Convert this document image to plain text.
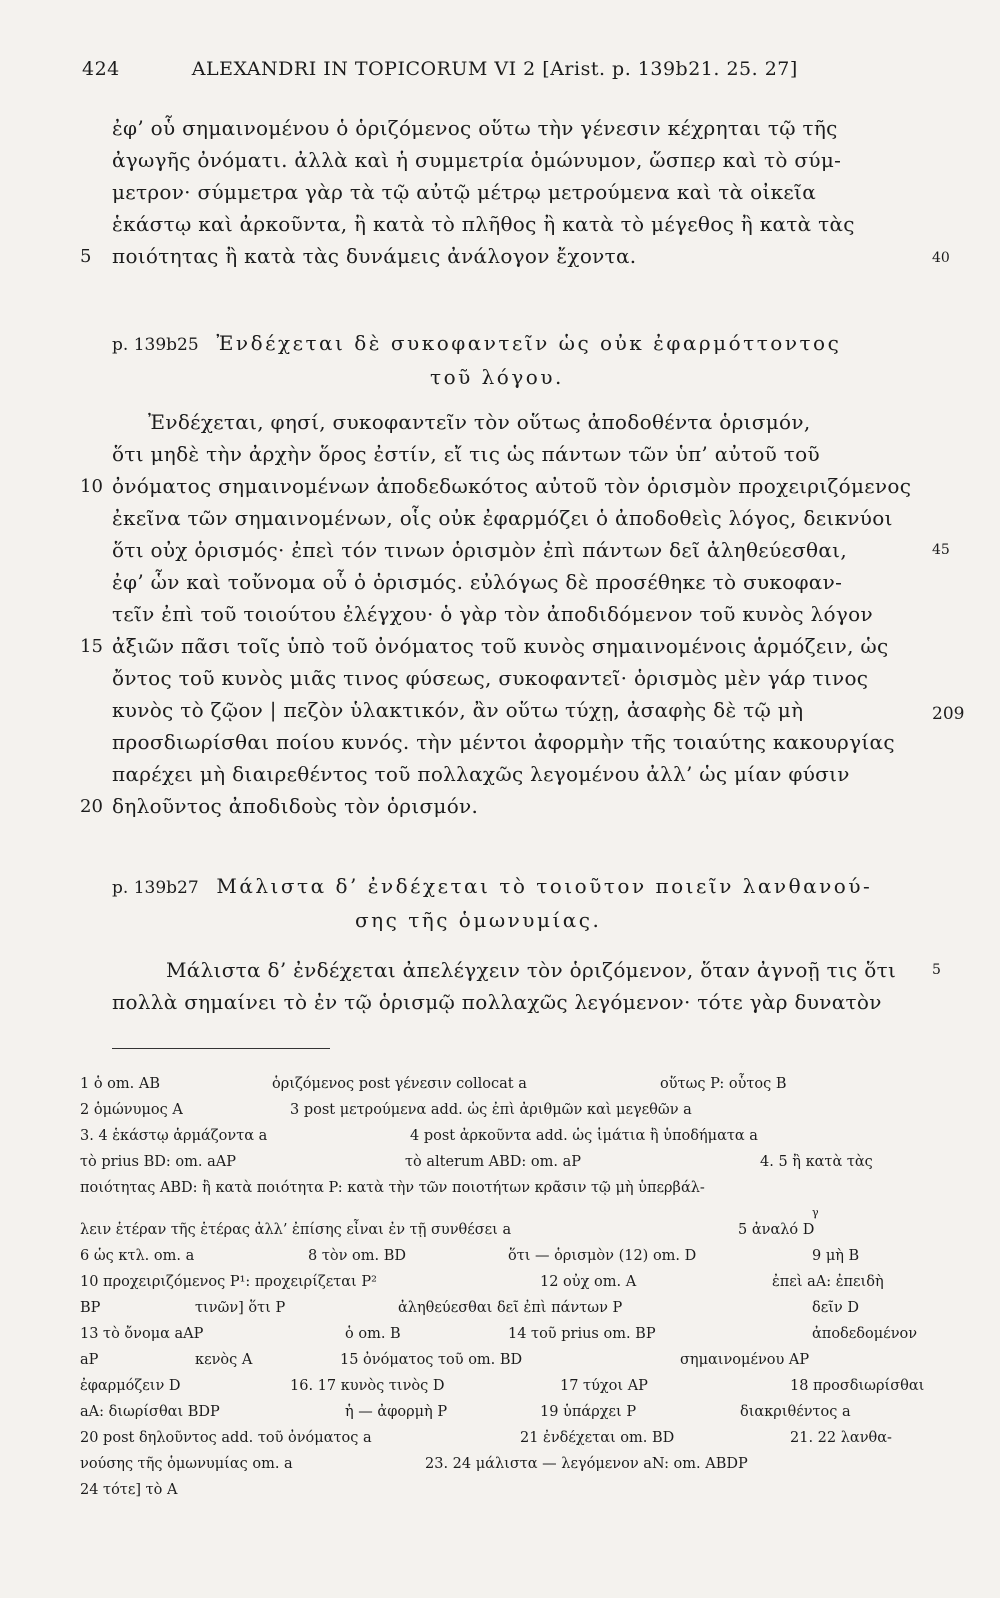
424	ALEXANDRI IN TOPICORUM VI 2 [Arist. p. 139b21. 25. 27]
ἐφ’ οὗ σημαινομένου ὁ ὁριζόμενος οὕτω τὴν γένεσιν κέχρηται τῷ τῆς
ἀγωγῆς ὀνόματι. ἀλλὰ καὶ ἡ συμμετρία ὁμώνυμον, ὥσπερ καὶ τὸ σύμ-
μετρον· σύμμετρα γὰρ τὰ τῷ αὐτῷ μέτρῳ μετρούμενα καὶ τὰ οἰκεῖα
ἑκάστῳ καὶ ἀρκοῦντα, ἢ κατὰ τὸ πλῆθος ἢ κατὰ τὸ μέγεθος ἢ κατὰ τὰς
ποιότητας ἢ κατὰ τὰς δυνάμεις ἀνάλογον ἔχοντα.
5	40
p. 139b25 Ἐνδέχεται δὲ συκοφαντεῖν ὡς οὐκ ἐφαρμόττοντος
τοῦ λόγου.
Ἐνδέχεται, φησί, συκοφαντεῖν τὸν οὕτως ἀποδοθέντα ὁρισμόν,
ὅτι μηδὲ τὴν ἀρχὴν ὅρος ἐστίν, εἴ τις ὡς πάντων τῶν ὑπ’ αὐτοῦ τοῦ
ὀνόματος σημαινομένων ἀποδεδωκότος αὐτοῦ τὸν ὁρισμὸν προχειριζόμενος
10
ἐκεῖνα τῶν σημαινομένων, οἷς οὐκ ἐφαρμόζει ὁ ἀποδοθεὶς λόγος, δεικνύοι
ὅτι οὐχ ὁρισμός· ἐπεὶ τόν τινων ὁρισμὸν ἐπὶ πάντων δεῖ ἀληθεύεσθαι,	45
ἐφ’ ὧν καὶ τοὔνομα οὗ ὁ ὁρισμός. εὐλόγως δὲ προσέθηκε τὸ συκοφαν-
τεῖν ἐπὶ τοῦ τοιούτου ἐλέγχου· ὁ γὰρ τὸν ἀποδιδόμενον τοῦ κυνὸς λόγον
ἀξιῶν πᾶσι τοῖς ὑπὸ τοῦ ὀνόματος τοῦ κυνὸς σημαινομένοις ἁρμόζειν, ὡς
15
ὄντος τοῦ κυνὸς μιᾶς τινος φύσεως, συκοφαντεῖ· ὁρισμὸς μὲν γάρ τινος
κυνὸς τὸ ζῷον | πεζὸν ὑλακτικόν, ἂν οὕτω τύχῃ, ἀσαφὴς δὲ τῷ μὴ	209
προσδιωρίσθαι ποίου κυνός. τὴν μέντοι ἀφορμὴν τῆς τοιαύτης κακουργίας
παρέχει μὴ διαιρεθέντος τοῦ πολλαχῶς λεγομένου ἀλλ’ ὡς μίαν φύσιν
δηλοῦντος ἀποδιδοὺς τὸν ὁρισμόν.
20
p. 139b27 Μάλιστα δ’ ἐνδέχεται τὸ τοιοῦτον ποιεῖν λανθανού-
σης τῆς ὁμωνυμίας.
Μάλιστα δ’ ἐνδέχεται ἀπελέγχειν τὸν ὁριζόμενον, ὅταν ἀγνοῇ τις ὅτι	5
πολλὰ σημαίνει τὸ ἐν τῷ ὁρισμῷ πολλαχῶς λεγόμενον· τότε γὰρ δυνατὸν
1 ὁ om. AB	ὁριζόμενος post γένεσιν collocat a	οὕτως P: οὗτος B
2 ὁμώνυμος A	3 post μετρούμενα add. ὡς ἐπὶ ἀριθμῶν καὶ μεγεθῶν a
3. 4 ἑκάστῳ ἁρμάζοντα a	4 post ἀρκοῦντα add. ὡς ἱμάτια ἢ ὑποδήματα a
τὸ prius BD: om. aAP	τὸ alterum ABD: om. aP	4. 5 ἢ κατὰ τὰς
ποιότητας ABD: ἢ κατὰ ποιότητα P: κατὰ τὴν τῶν ποιοτήτων κρᾶσιν τῷ μὴ ὑπερβάλ-
λειν ἑτέραν τῆς ἑτέρας ἀλλ’ ἐπίσης εἶναι ἐν τῇ συνθέσει a	5 ἀναλό D
γ
6 ὡς κτλ. om. a	8 τὸν om. BD	ὅτι — ὁρισμὸν (12) om. D	9 μὴ B
10 προχειριζόμενος P¹: προχειρίζεται P²	12 οὐχ om. A	ἐπεὶ aA: ἐπειδὴ
BP	τινῶν] ὅτι P	ἀληθεύεσθαι δεῖ ἐπὶ πάντων P	δεῖν D
13 τὸ ὄνομα aAP	ὁ om. B	14 τοῦ prius om. BP	ἀποδεδομένον
aP	κενὸς A	15 ὀνόματος τοῦ om. BD	σημαινομένου AP
ἐφαρμόζειν D	16. 17 κυνὸς τινὸς D	17 τύχοι AP	18 προσδιωρίσθαι
aA: διωρίσθαι BDP	ἡ — ἀφορμὴ P	19 ὑπάρχει P	διακριθέντος a
20 post δηλοῦντος add. τοῦ ὀνόματος a	21 ἐνδέχεται om. BD	21. 22 λανθα-
νούσης τῆς ὁμωνυμίας om. a	23. 24 μάλιστα — λεγόμενον aN: om. ABDP
24 τότε] τὸ A
